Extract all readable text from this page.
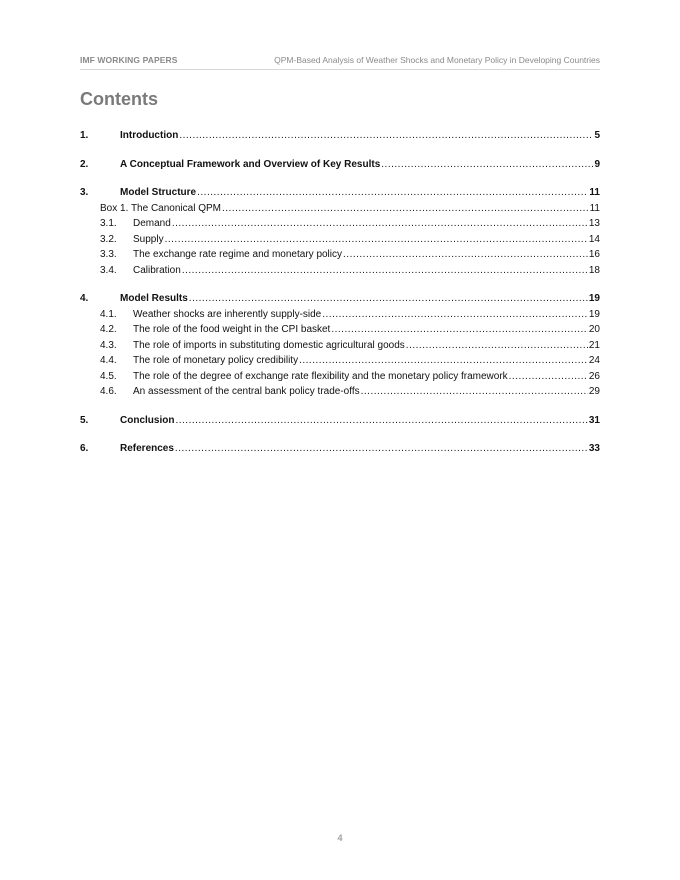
IMF WORKING PAPERS	QPM-Based Analysis of Weather Shocks and Monetary Policy in Developing Countries
Contents
1.	Introduction .....	5
2.	A Conceptual Framework and Overview of Key Results .....	9
3.	Model Structure .....	11
Box 1. The Canonical QPM .....	11
3.1.	Demand .....	13
3.2.	Supply .....	14
3.3.	The exchange rate regime and monetary policy .....	16
3.4.	Calibration .....	18
4.	Model Results .....	19
4.1.	Weather shocks are inherently supply-side .....	19
4.2.	The role of the food weight in the CPI basket .....	20
4.3.	The role of imports in substituting domestic agricultural goods .....	21
4.4.	The role of monetary policy credibility .....	24
4.5.	The role of the degree of exchange rate flexibility and the monetary policy framework .....	26
4.6.	An assessment of the central bank policy trade-offs .....	29
5.	Conclusion .....	31
6.	References .....	33
4
